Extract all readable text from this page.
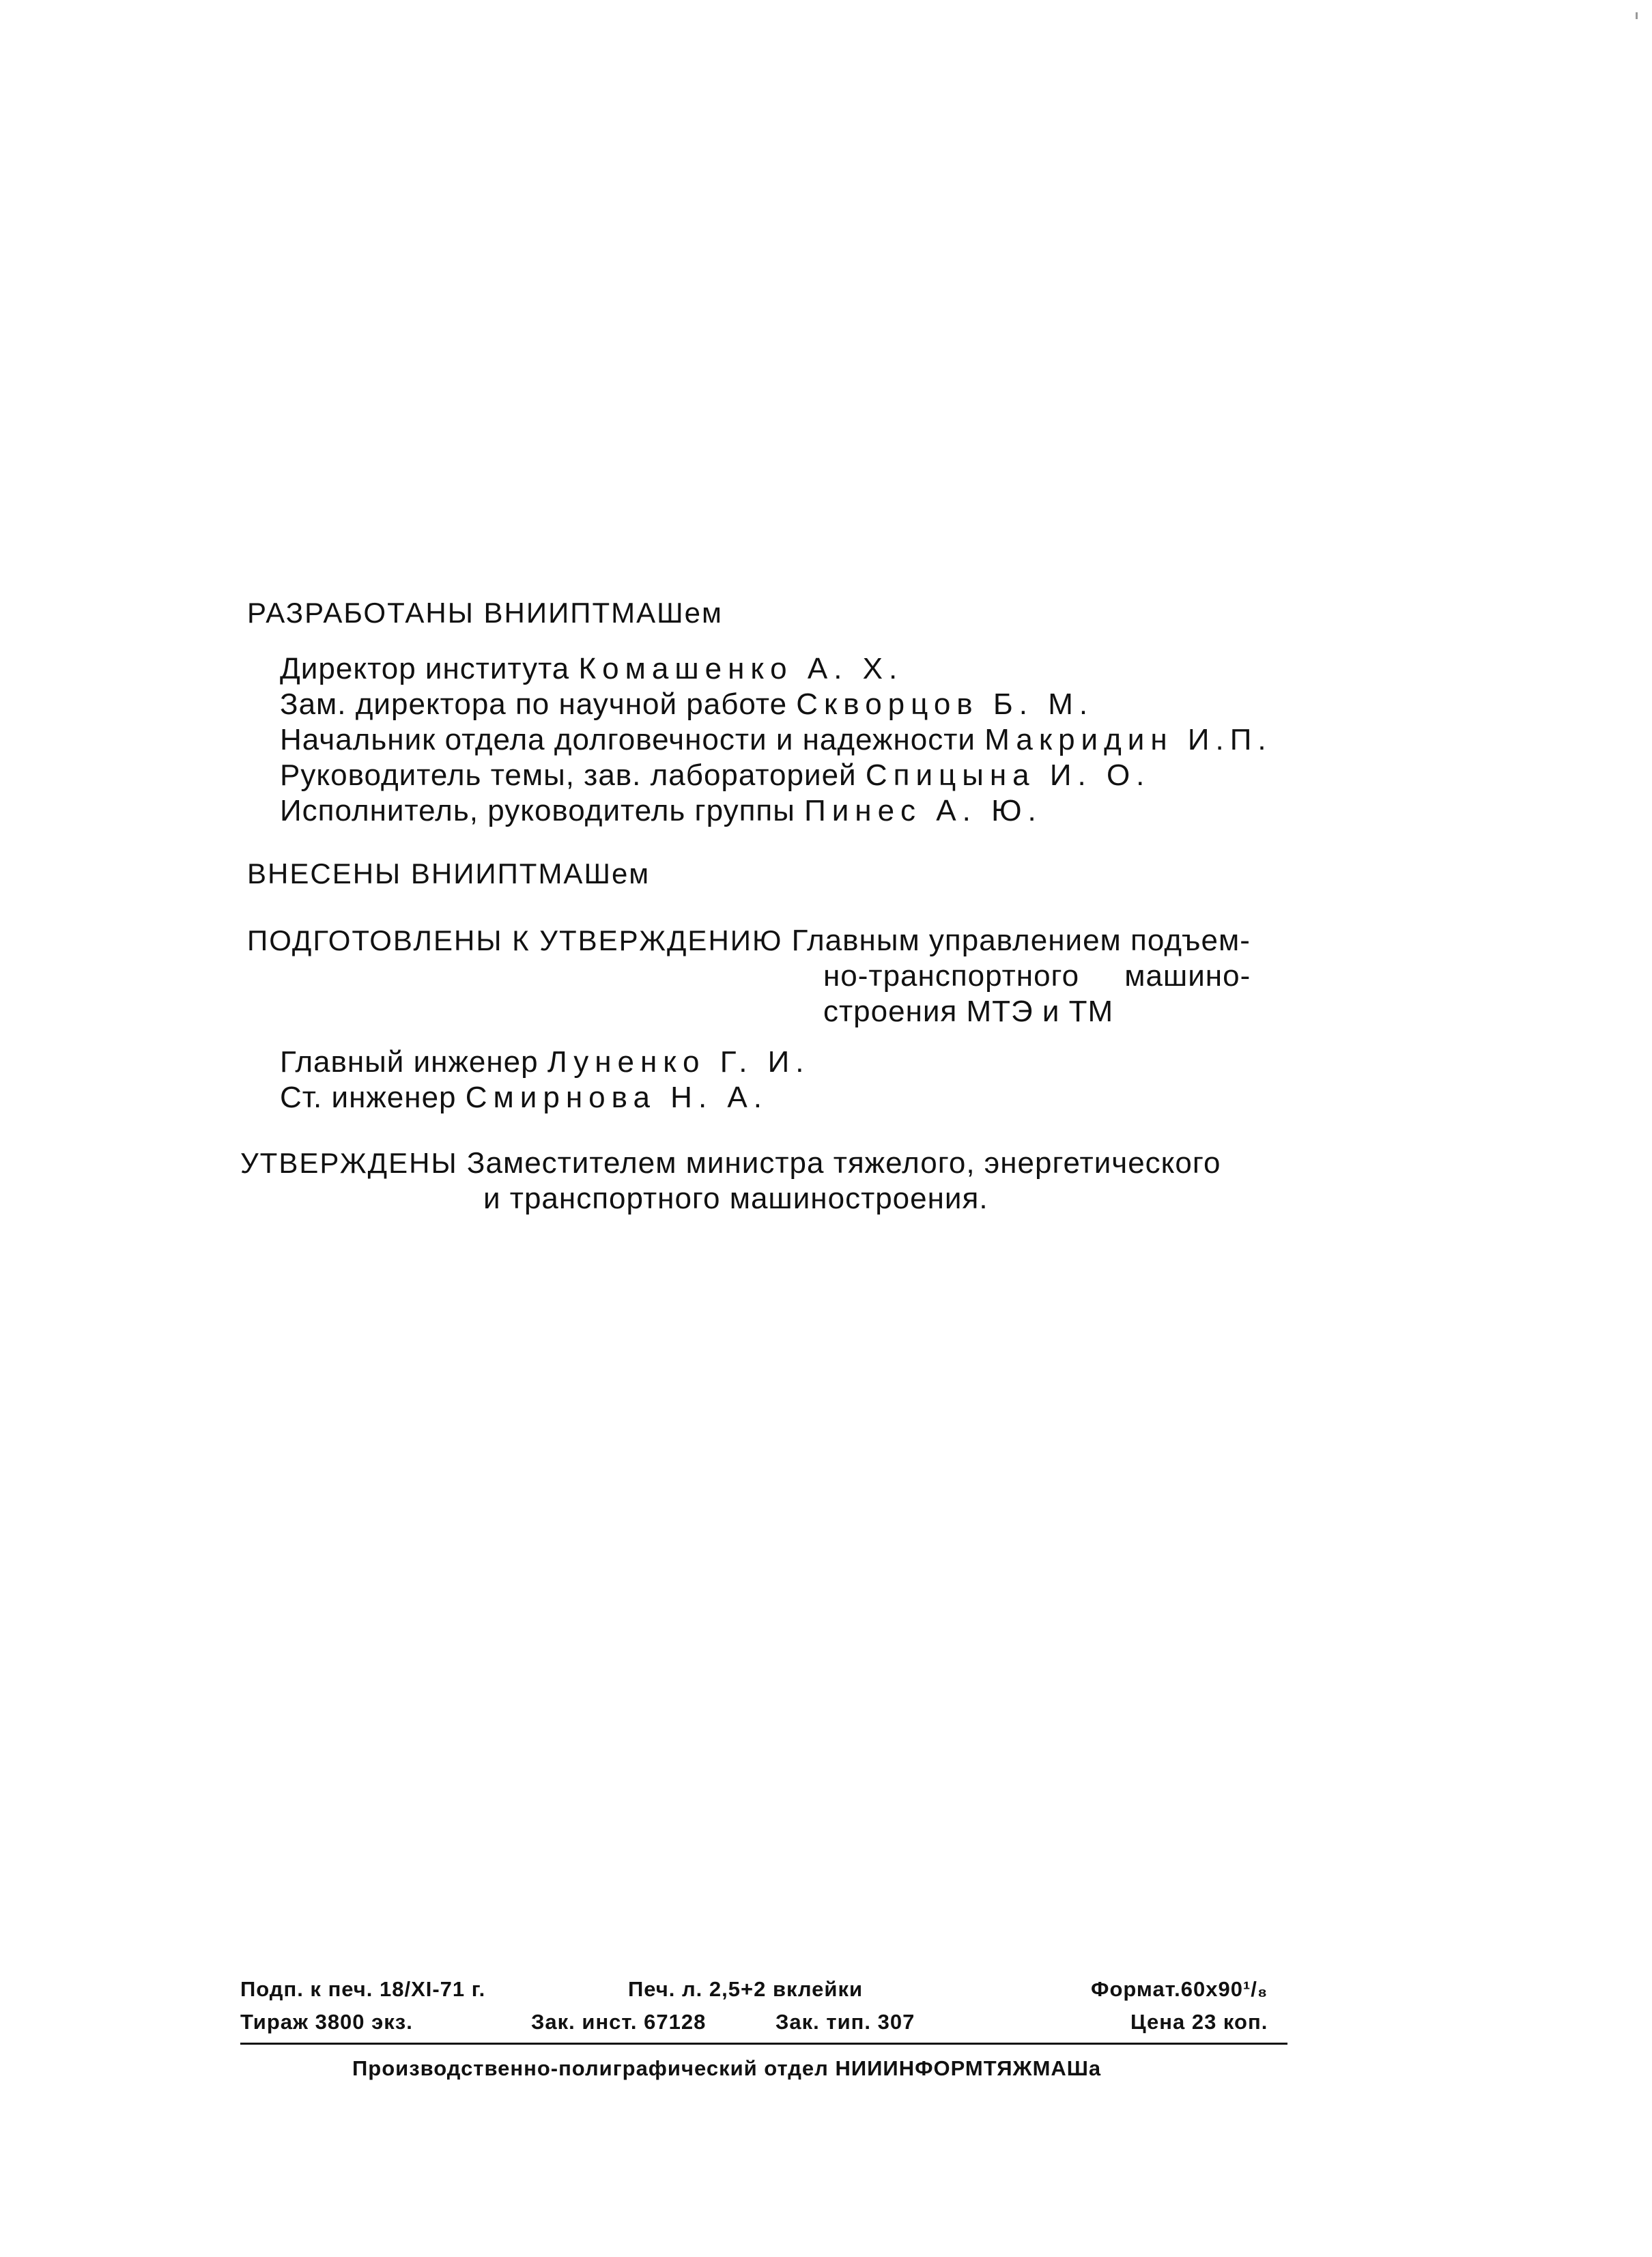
РАЗРАБОТАНЫ ВНИИПТМАШем
Директор института Комашенко А. Х.
Зам. директора по научной работе Скворцов Б. М.
Начальник отдела долговечности и надежности Макридин И.П.
Руководитель темы, зав. лабораторией Спицына И. О.
Исполнитель, руководитель группы Пинес А. Ю.
ВНЕСЕНЫ ВНИИПТМАШем
ПОДГОТОВЛЕНЫ К УТВЕРЖДЕНИЮ Главным управлением подъем-
но-транспортного     машино-
строения МТЭ и ТМ
Главный инженер Луненко Г. И.
Ст. инженер Смирнова Н. А.
УТВЕРЖДЕНЫ Заместителем министра тяжелого, энергетического
и транспортного машиностроения.
Подп. к печ. 18/XI-71 г.	Печ. л. 2,5+2 вклейки	Формат.60х90¹/₈
Тираж 3800 экз.	Зак. инст. 67128	Зак. тип. 307	Цена 23 коп.
Производственно-полиграфический отдел НИИИНФОРМТЯЖМАШа
